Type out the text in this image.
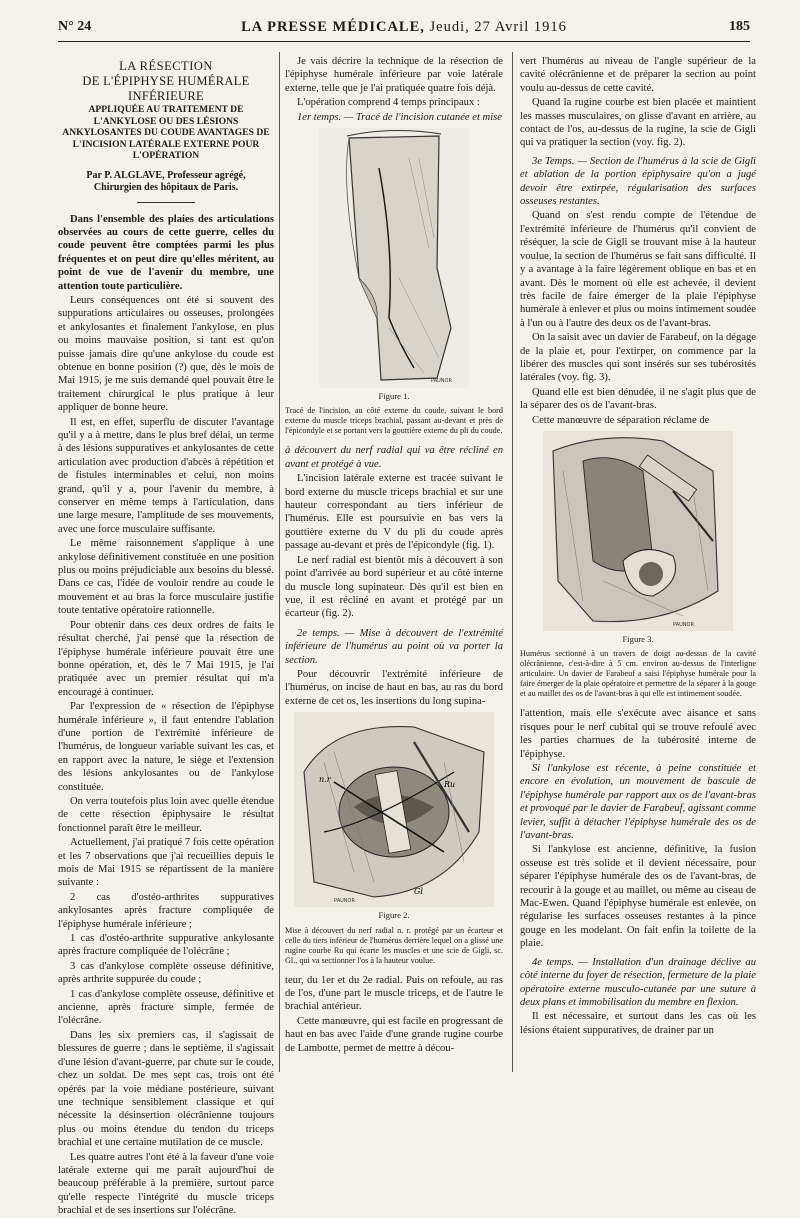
N° 24	LA PRESSE MÉDICALE, Jeudi, 27 Avril 1916	185
LA RÉSECTION
DE L'ÉPIPHYSE HUMÉRALE INFÉRIEURE
APPLIQUÉE AU TRAITEMENT DE L'ANKYLOSE OU DES LÉSIONS ANKYLOSANTES DU COUDE AVANTAGES DE L'INCISION LATÉRALE EXTERNE POUR L'OPÉRATION
Par P. ALGLAVE, Professeur agrégé,
Chirurgien des hôpitaux de Paris.

Dans l'ensemble des plaies des articulations observées au cours de cette guerre, celles du coude peuvent être comptées parmi les plus fréquentes et on peut dire qu'elles méritent, au point de vue de l'avenir du membre, une attention toute particulière.

Leurs conséquences ont été si souvent des suppurations articulaires ou osseuses, prolongées et ankylosantes et finalement l'ankylose, en plus ou moins mauvaise position, si tant est qu'on puisse jamais dire qu'une ankylose du coude est obtenue en bonne position (?) que, dès le mois de Mai 1915, je me suis demandé quel pouvait être le traitement chirurgical le plus pratique à leur appliquer de bonne heure.

Il est, en effet, superflu de discuter l'avantage qu'il y a à mettre, dans le plus bref délai, un terme à des lésions suppuratives et ankylosantes de cette articulation avec production d'abcès à répétition et de fistules interminables et celui, non moins grand, qu'il y a, pour l'avenir du membre, à conserver en même temps à l'articulation, dans une large mesure, l'amplitude de ses mouvements, avec une force musculaire suffisante.

Le même raisonnement s'applique à une ankylose définitivement constituée en une position plus ou moins préjudiciable aux besoins du blessé. Dans ce cas, l'idée de vouloir rendre au coude le mouvement et au bras la force musculaire justifie toute tentative opératoire rationnelle.

Pour obtenir dans ces deux ordres de faits le résultat cherché, j'ai pensé que la résection de l'épiphyse humérale inférieure pouvait être une bonne opération, et, dès le 7 Mai 1915, je l'ai pratiquée avec un premier résultat qui m'a encouragé à continuer.

Par l'expression de « résection de l'épiphyse humérale inférieure », il faut entendre l'ablation d'une portion de l'extrémité inférieure de l'humérus, de longueur variable suivant les cas, et en rapport avec la nature, le siège et l'extension des lésions ankylosantes ou de l'ankylose constituée.

On verra toutefois plus loin avec quelle étendue de cette résection épiphysaire le résultat fonctionnel paraît être le meilleur.

Actuellement, j'ai pratiqué 7 fois cette opération et les 7 observations que j'ai recueillies depuis le mois de Mai 1915 se répartissent de la manière suivante :

2 cas d'ostéo-arthrites suppuratives ankylosantes après fracture compliquée de l'épiphyse humérale inférieure ;

1 cas d'ostéo-arthrite suppurative ankylosante après fracture compliquée de l'olécrâne ;

3 cas d'ankylose complète osseuse définitive, après arthrite suppurée du coude ;

1 cas d'ankylose complète osseuse, définitive et ancienne, après fracture simple, fermée de l'olécrâne.

Dans les six premiers cas, il s'agissait de blessures de guerre ; dans le septième, il s'agissait d'une lésion d'avant-guerre, par chute sur le coude, chez un soldat. De mes sept cas, trois ont été opérés par la voie médiane postérieure, suivant une technique sensiblement classique et qui nécessite la désinsertion olécrânienne toujours plus ou moins étendue du tendon du triceps brachial et une certaine mutilation de ce muscle.

Les quatre autres l'ont été à la faveur d'une voie latérale externe qui me paraît aujourd'hui de beaucoup préférable à la première, surtout parce qu'elle respecte l'intégrité du muscle triceps brachial et de ses insertions sur l'olécrâne.

Je vais décrire la technique de la résection de l'épiphyse humérale inférieure par voie latérale externe, telle que je l'ai pratiquée quatre fois déjà.

L'opération comprend 4 temps principaux :

1er temps. — Tracé de l'incision cutanée et mise

PAUNOR
Figure 1.
Tracé de l'incision, au côté externe du coude, suivant le bord externe du muscle triceps brachial, passant au-devant et près de l'épicondyle et se portant vers la gouttière externe du pli du coude.

à découvert du nerf radial qui va être récliné en avant et protégé à vue.

L'incision latérale externe est tracée suivant le bord externe du muscle triceps brachial et sur une hauteur correspondant au tiers inférieur de l'humérus. Elle est poursuivie en bas vers la gouttière externe du V du pli du coude après passage au-devant et près de l'épicondyle (fig. 1).

Le nerf radial est bientôt mis à découvert à son point d'arrivée au bord supérieur et au côté interne du muscle long supinateur. Dès qu'il est bien en vue, il est récliné en avant et protégé par un écarteur (fig. 2).

2e temps. — Mise à découvert de l'extrémité inférieure de l'humérus au point où va porter la section.

Pour découvrir l'extrémité inférieure de l'humérus, on incise de haut en bas, au ras du bord externe de cet os, les insertions du long supina-

n.r
Ru
Gl
PAUNOR
Figure 2.
Mise à découvert du nerf radial n. r. protégé par un écarteur et celle du tiers inférieur de l'humérus derrière lequel on a glissé une rugine courbe Ru qui écarte les muscles et une scie de Gigli, sc. Gl., qui va sectionner l'os à la hauteur voulue.

teur, du 1er et du 2e radial. Puis on refoule, au ras de l'os, d'une part le muscle triceps, et de l'autre le brachial antérieur.

Cette manœuvre, qui est facile en progressant de haut en bas avec l'aide d'une grande rugine courbe de Lambotte, permet de mettre à décou-

vert l'humérus au niveau de l'angle supérieur de la cavité olécrânienne et de préparer la section au point voulu au-dessus de cette cavité.

Quand la rugine courbe est bien placée et maintient les masses musculaires, on glisse d'avant en arrière, au contact de l'os, au-dessus de la rugine, la scie de Gigli qui va pratiquer la section (voy. fig. 2).

3e Temps. — Section de l'humérus à la scie de Gigli et ablation de la portion épiphysaire qu'on a jugé devoir être extirpée, régularisation des surfaces osseuses restantes.

Quand on s'est rendu compte de l'étendue de l'extrémité inférieure de l'humérus qu'il convient de réséquer, la scie de Gigli se trouvant mise à la hauteur voulue, la section de l'humérus se fait sans difficulté. Il y a avantage à la faire légèrement oblique en bas et en avant. Dès le moment où elle est achevée, il devient très facile de faire émerger de la plaie l'épiphyse humérale à enlever et plus ou moins intimement soudée à l'un ou à l'autre des deux os de l'avant-bras.

On la saisit avec un davier de Farabeuf, on la dégage de la plaie et, pour l'extirper, on commence par la libérer des muscles qui sont insérés sur ses tubérosités latérales (voy. fig. 3).

Quand elle est bien dénudée, il ne s'agit plus que de la séparer des os de l'avant-bras.

Cette manœuvre de séparation réclame de

PAUNOR
Figure 3.
Humérus sectionné à un travers de doigt au-dessus de la cavité olécrânienne, c'est-à-dire à 5 cm. environ au-dessus de l'interligne articulaire. Un davier de Farabeuf a saisi l'épiphyse humérale pour la faire émerger de la plaie opératoire et permettre de la séparer à la gouge et au maillet des os de l'avant-bras à qui elle est intimement soudée.

l'attention, mais elle s'exécute avec aisance et sans risques pour le nerf cubital qui se trouve refoulé avec les parties charnues de la tubérosité interne de l'épiphyse.

Si l'ankylose est récente, à peine constituée et encore en évolution, un mouvement de bascule de l'épiphyse humérale par rapport aux os de l'avant-bras et provoqué par le davier de Farabeuf, agissant comme levier, suffit à détacher l'épiphyse humérale des os de l'avant-bras.

Si l'ankylose est ancienne, définitive, la fusion osseuse est très solide et il devient nécessaire, pour séparer l'épiphyse humérale des os de l'avant-bras, de recourir à la gouge et au maillet, ou même au ciseau de Mac-Ewen. Quand l'épiphyse humérale est enlevée, on régularise les surfaces osseuses restantes à la pince gouge en les modelant. On fait enfin la toilette de la plaie.

4e temps. — Installation d'un drainage déclive au côté interne du foyer de résection, fermeture de la plaie opératoire externe musculo-cutanée par une suture à deux plans et immobilisation du membre en flexion.

Il est nécessaire, et surtout dans les cas où les lésions étaient suppuratives, de drainer par un
